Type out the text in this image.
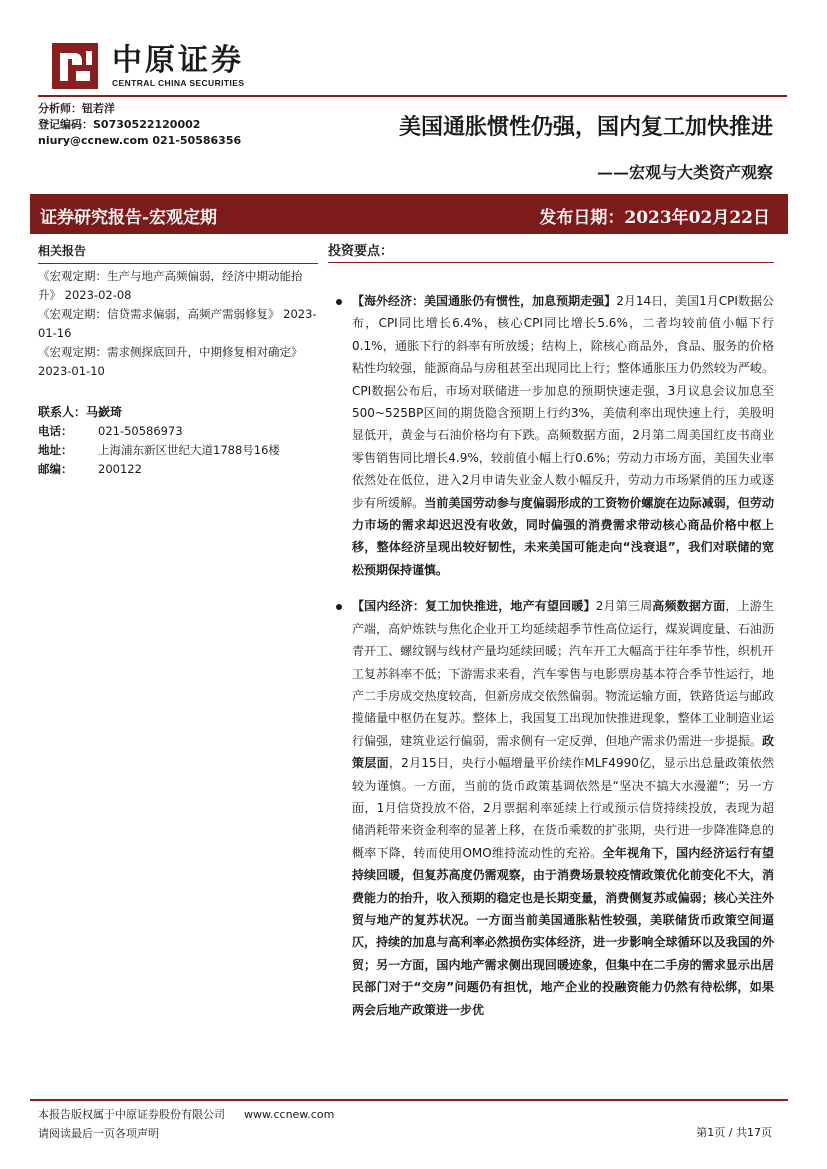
中原证券
CENTRAL CHINA SECURITIES
分析师：钮若洋
登记编码：S0730522120002
niury@ccnew.com 021-50586356
美国通胀惯性仍强，国内复工加快推进
——宏观与大类资产观察
证券研究报告-宏观定期	发布日期：2023年02月22日
相关报告
《宏观定期：生产与地产高频偏弱，经济中期动能抬升》 2023-02-08
《宏观定期：信贷需求偏弱，高频产需弱修复》 2023-01-16
《宏观定期：需求侧探底回升，中期修复相对确定》 2023-01-10
联系人：马嶔琦
电话：	021-50586973
地址：	上海浦东新区世纪大道1788号16楼
邮编：	200122
投资要点：
【海外经济：美国通胀仍有惯性，加息预期走强】2月14日，美国1月CPI数据公布，CPI同比增长6.4%，核心CPI同比增长5.6%，二者均较前值小幅下行0.1%，通胀下行的斜率有所放缓；结构上，除核心商品外，食品、服务的价格粘性均较强，能源商品与房租甚至出现同比上行；整体通胀压力仍然较为严峻。CPI数据公布后，市场对联储进一步加息的预期快速走强，3月议息会议加息至500~525BP区间的期货隐含预期上行约3%，美债利率出现快速上行，美股明显低开，黄金与石油价格均有下跌。高频数据方面，2月第二周美国红皮书商业零售销售同比增长4.9%，较前值小幅上行0.6%；劳动力市场方面，美国失业率依然处在低位，进入2月申请失业金人数小幅反升，劳动力市场紧俏的压力或逐步有所缓解。当前美国劳动参与度偏弱形成的工资物价螺旋在边际减弱，但劳动力市场的需求却迟迟没有收敛，同时偏强的消费需求带动核心商品价格中枢上移，整体经济呈现出较好韧性，未来美国可能走向“浅衰退”，我们对联储的宽松预期保持谨慎。
【国内经济：复工加快推进，地产有望回暖】2月第三周高频数据方面，上游生产端，高炉炼铁与焦化企业开工均延续超季节性高位运行，煤炭调度量、石油沥青开工、螺纹钢与线材产量均延续回暖；汽车开工大幅高于往年季节性，织机开工复苏斜率不低；下游需求来看，汽车零售与电影票房基本符合季节性运行，地产二手房成交热度较高，但新房成交依然偏弱。物流运输方面，铁路货运与邮政揽储量中枢仍在复苏。整体上，我国复工出现加快推进现象，整体工业制造业运行偏强，建筑业运行偏弱，需求侧有一定反弹，但地产需求仍需进一步提振。政策层面，2月15日，央行小幅增量平价续作MLF4990亿，显示出总量政策依然较为谨慎。一方面，当前的货币政策基调依然是“坚决不搞大水漫灌”；另一方面，1月信贷投放不俗，2月票据利率延续上行或预示信贷持续投放，表现为超储消耗带来资金利率的显著上移，在货币乘数的扩张期，央行进一步降准降息的概率下降，转而使用OMO维持流动性的充裕。全年视角下，国内经济运行有望持续回暖，但复苏高度仍需观察，由于消费场景较疫情政策优化前变化不大，消费能力的抬升，收入预期的稳定也是长期变量，消费侧复苏或偏弱；核心关注外贸与地产的复苏状况。一方面当前美国通胀粘性较强，美联储货币政策空间逼仄，持续的加息与高利率必然损伤实体经济，进一步影响全球循环以及我国的外贸；另一方面，国内地产需求侧出现回暖迹象，但集中在二手房的需求显示出居民部门对于“交房”问题仍有担忧，地产企业的投融资能力仍然有待松绑，如果两会后地产政策进一步优
本报告版权属于中原证券股份有限公司 www.ccnew.com
请阅读最后一页各项声明	第1页 / 共17页
